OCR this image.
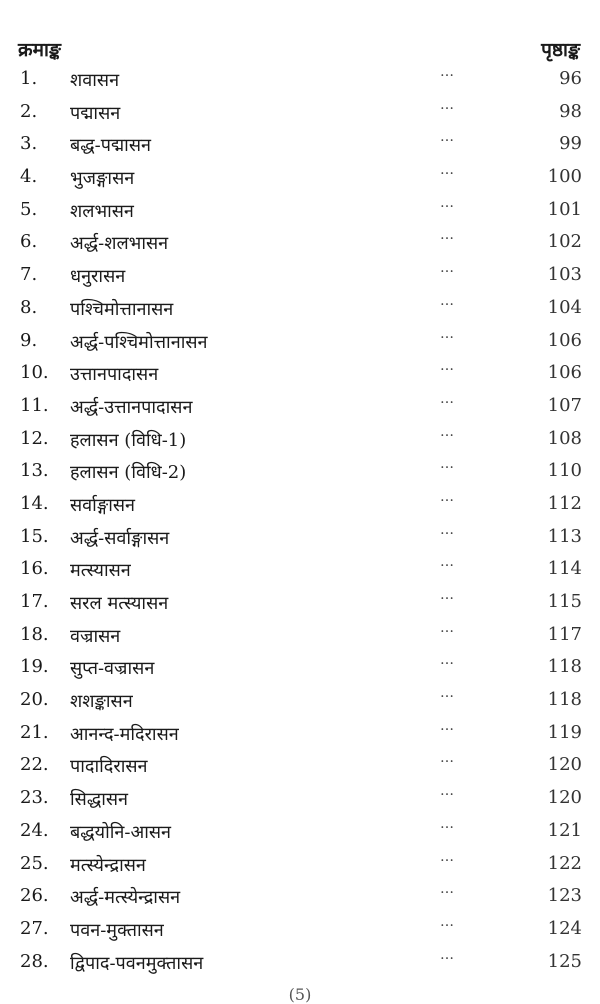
क्रमाङ्क	पृष्ठाङ्क
1.	शवासन	…	96
2.	पद्मासन	…	98
3.	बद्ध-पद्मासन	…	99
4.	भुजङ्गासन	…	100
5.	शलभासन	…	101
6.	अर्द्ध-शलभासन	…	102
7.	धनुरासन	…	103
8.	पश्चिमोत्तानासन	…	104
9.	अर्द्ध-पश्चिमोत्तानासन	…	106
10.	उत्तानपादासन	…	106
11.	अर्द्ध-उत्तानपादासन	…	107
12.	हलासन (विधि-1)	…	108
13.	हलासन (विधि-2)	…	110
14.	सर्वाङ्गासन	…	112
15.	अर्द्ध-सर्वाङ्गासन	…	113
16.	मत्स्यासन	…	114
17.	सरल मत्स्यासन	…	115
18.	वज्रासन	…	117
19.	सुप्त-वज्रासन	…	118
20.	शशङ्कासन	…	118
21.	आनन्द-मदिरासन	…	119
22.	पादादिरासन	…	120
23.	सिद्धासन	…	120
24.	बद्धयोनि-आसन	…	121
25.	मत्स्येन्द्रासन	…	122
26.	अर्द्ध-मत्स्येन्द्रासन	…	123
27.	पवन-मुक्तासन	…	124
28.	द्विपाद-पवनमुक्तासन	…	125
(5)
